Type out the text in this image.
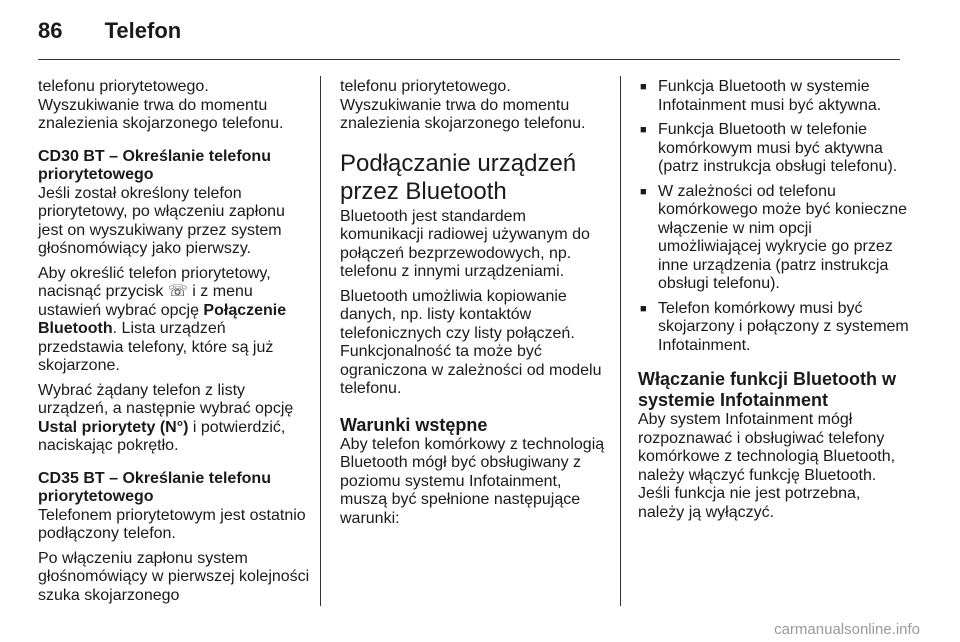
86 Telefon

telefonu priorytetowego. Wyszukiwanie trwa do momentu znalezienia skojarzonego telefonu.

CD30 BT – Określanie telefonu priorytetowego

Jeśli został określony telefon priorytetowy, po włączeniu zapłonu jest on wyszukiwany przez system głośnomówiący jako pierwszy.

Aby określić telefon priorytetowy, nacisnąć przycisk ☏ i z menu ustawień wybrać opcję Połączenie Bluetooth. Lista urządzeń przedstawia telefony, które są już skojarzone.

Wybrać żądany telefon z listy urządzeń, a następnie wybrać opcję Ustal priorytety (N°) i potwierdzić, naciskając pokrętło.

CD35 BT – Określanie telefonu priorytetowego

Telefonem priorytetowym jest ostatnio podłączony telefon.

Po włączeniu zapłonu system głośnomówiący w pierwszej kolejności szuka skojarzonego

telefonu priorytetowego. Wyszukiwanie trwa do momentu znalezienia skojarzonego telefonu.

Podłączanie urządzeń przez Bluetooth

Bluetooth jest standardem komunikacji radiowej używanym do połączeń bezprzewodowych, np. telefonu z innymi urządzeniami.

Bluetooth umożliwia kopiowanie danych, np. listy kontaktów telefonicznych czy listy połączeń. Funkcjonalność ta może być ograniczona w zależności od modelu telefonu.

Warunki wstępne

Aby telefon komórkowy z technologią Bluetooth mógł być obsługiwany z poziomu systemu Infotainment, muszą być spełnione następujące warunki:

■ Funkcja Bluetooth w systemie Infotainment musi być aktywna.
■ Funkcja Bluetooth w telefonie komórkowym musi być aktywna (patrz instrukcja obsługi telefonu).
■ W zależności od telefonu komórkowego może być konieczne włączenie w nim opcji umożliwiającej wykrycie go przez inne urządzenia (patrz instrukcja obsługi telefonu).
■ Telefon komórkowy musi być skojarzony i połączony z systemem Infotainment.
Włączanie funkcji Bluetooth w systemie Infotainment

Aby system Infotainment mógł rozpoznawać i obsługiwać telefony komórkowe z technologią Bluetooth, należy włączyć funkcję Bluetooth. Jeśli funkcja nie jest potrzebna, należy ją wyłączyć.

carmanualsonline.info
